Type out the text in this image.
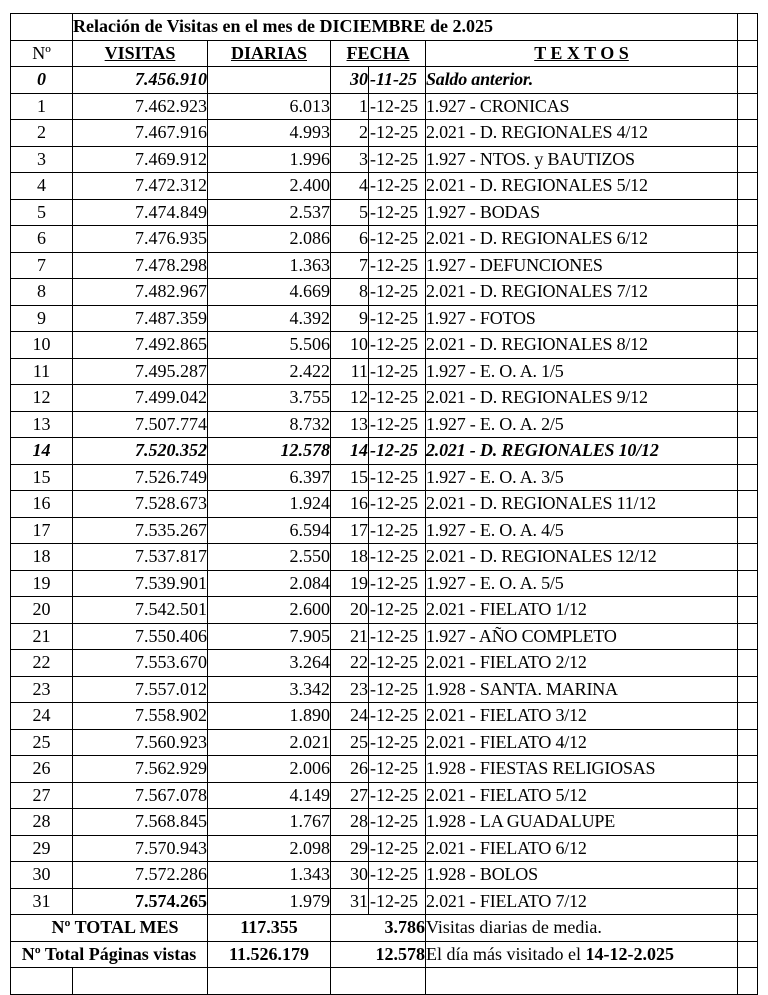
	Relación de Visitas en el mes de DICIEMBRE de 2.025					
Nº	VISITAS	DIARIAS	FECHA		T E X T O S	
0	7.456.910		30	-11-25	Saldo anterior.	
1	7.462.923	6.013	1	-12-25	1.927 - CRONICAS	
2	7.467.916	4.993	2	-12-25	2.021 - D. REGIONALES 4/12	
3	7.469.912	1.996	3	-12-25	1.927 - NTOS. y BAUTIZOS	
4	7.472.312	2.400	4	-12-25	2.021 - D. REGIONALES 5/12	
5	7.474.849	2.537	5	-12-25	1.927 - BODAS	
6	7.476.935	2.086	6	-12-25	2.021 - D. REGIONALES 6/12	
7	7.478.298	1.363	7	-12-25	1.927 - DEFUNCIONES	
8	7.482.967	4.669	8	-12-25	2.021 - D. REGIONALES 7/12	
9	7.487.359	4.392	9	-12-25	1.927 - FOTOS	
10	7.492.865	5.506	10	-12-25	2.021 - D. REGIONALES 8/12	
11	7.495.287	2.422	11	-12-25	1.927 - E. O. A. 1/5	
12	7.499.042	3.755	12	-12-25	2.021 - D. REGIONALES 9/12	
13	7.507.774	8.732	13	-12-25	1.927 - E. O. A. 2/5	
14	7.520.352	12.578	14	-12-25	2.021 - D. REGIONALES 10/12	
15	7.526.749	6.397	15	-12-25	1.927 - E. O. A. 3/5	
16	7.528.673	1.924	16	-12-25	2.021 - D. REGIONALES 11/12	
17	7.535.267	6.594	17	-12-25	1.927 - E. O. A. 4/5	
18	7.537.817	2.550	18	-12-25	2.021 - D. REGIONALES 12/12	
19	7.539.901	2.084	19	-12-25	1.927 - E. O. A. 5/5	
20	7.542.501	2.600	20	-12-25	2.021 - FIELATO 1/12	
21	7.550.406	7.905	21	-12-25	1.927 - AÑO COMPLETO	
22	7.553.670	3.264	22	-12-25	2.021 - FIELATO 2/12	
23	7.557.012	3.342	23	-12-25	1.928 - SANTA. MARINA	
24	7.558.902	1.890	24	-12-25	2.021 - FIELATO 3/12	
25	7.560.923	2.021	25	-12-25	2.021 - FIELATO 4/12	
26	7.562.929	2.006	26	-12-25	1.928 - FIESTAS RELIGIOSAS	
27	7.567.078	4.149	27	-12-25	2.021 - FIELATO 5/12	
28	7.568.845	1.767	28	-12-25	1.928 - LA GUADALUPE	
29	7.570.943	2.098	29	-12-25	2.021 - FIELATO 6/12	
30	7.572.286	1.343	30	-12-25	1.928 - BOLOS	
31	7.574.265	1.979	31	-12-25	2.021 - FIELATO 7/12	
Nº TOTAL MES		117.355	3.786		Visitas diarias de media.	
Nº Total Páginas vistas		11.526.179	12.578		El día más visitado el 14-12-2.025	
